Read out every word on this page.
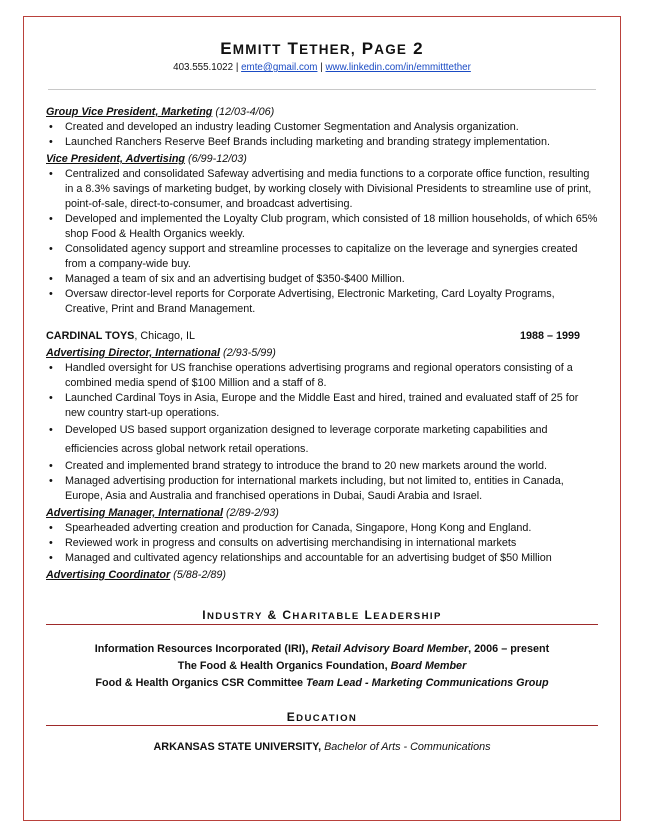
EMMITT TETHER, PAGE 2
403.555.1022 | emte@gmail.com | www.linkedin.com/in/emmitttether
Group Vice President, Marketing (12/03-4/06)
• Created and developed an industry leading Customer Segmentation and Analysis organization.
• Launched Ranchers Reserve Beef Brands including marketing and branding strategy implementation.
Vice President, Advertising (6/99-12/03)
• Centralized and consolidated Safeway advertising and media functions to a corporate office function, resulting in a 8.3% savings of marketing budget, by working closely with Divisional Presidents to streamline use of print, point-of-sale, direct-to-consumer, and broadcast advertising.
• Developed and implemented the Loyalty Club program, which consisted of 18 million households, of which 65% shop Food & Health Organics weekly.
• Consolidated agency support and streamline processes to capitalize on the leverage and synergies created from a company-wide buy.
• Managed a team of six and an advertising budget of $350-$400 Million.
• Oversaw director-level reports for Corporate Advertising, Electronic Marketing, Card Loyalty Programs, Creative, Print and Brand Management.
CARDINAL TOYS, Chicago, IL	1988 – 1999
Advertising Director, International (2/93-5/99)
• Handled oversight for US franchise operations advertising programs and regional operators consisting of a combined media spend of $100 Million and a staff of 8.
• Launched Cardinal Toys in Asia, Europe and the Middle East and hired, trained and evaluated staff of 25 for new country start-up operations.
• Developed US based support organization designed to leverage corporate marketing capabilities and efficiencies across global network retail operations.
• Created and implemented brand strategy to introduce the brand to 20 new markets around the world.
• Managed advertising production for international markets including, but not limited to, entities in Canada, Europe, Asia and Australia and franchised operations in Dubai, Saudi Arabia and Israel.
Advertising Manager, International (2/89-2/93)
• Spearheaded adverting creation and production for Canada, Singapore, Hong Kong and England.
• Reviewed work in progress and consults on advertising merchandising in international markets
• Managed and cultivated agency relationships and accountable for an advertising budget of $50 Million
Advertising Coordinator (5/88-2/89)
INDUSTRY & CHARITABLE LEADERSHIP
Information Resources Incorporated (IRI), Retail Advisory Board Member, 2006 – present
The Food & Health Organics Foundation, Board Member
Food & Health Organics CSR Committee Team Lead - Marketing Communications Group
EDUCATION
ARKANSAS STATE UNIVERSITY, Bachelor of Arts - Communications
